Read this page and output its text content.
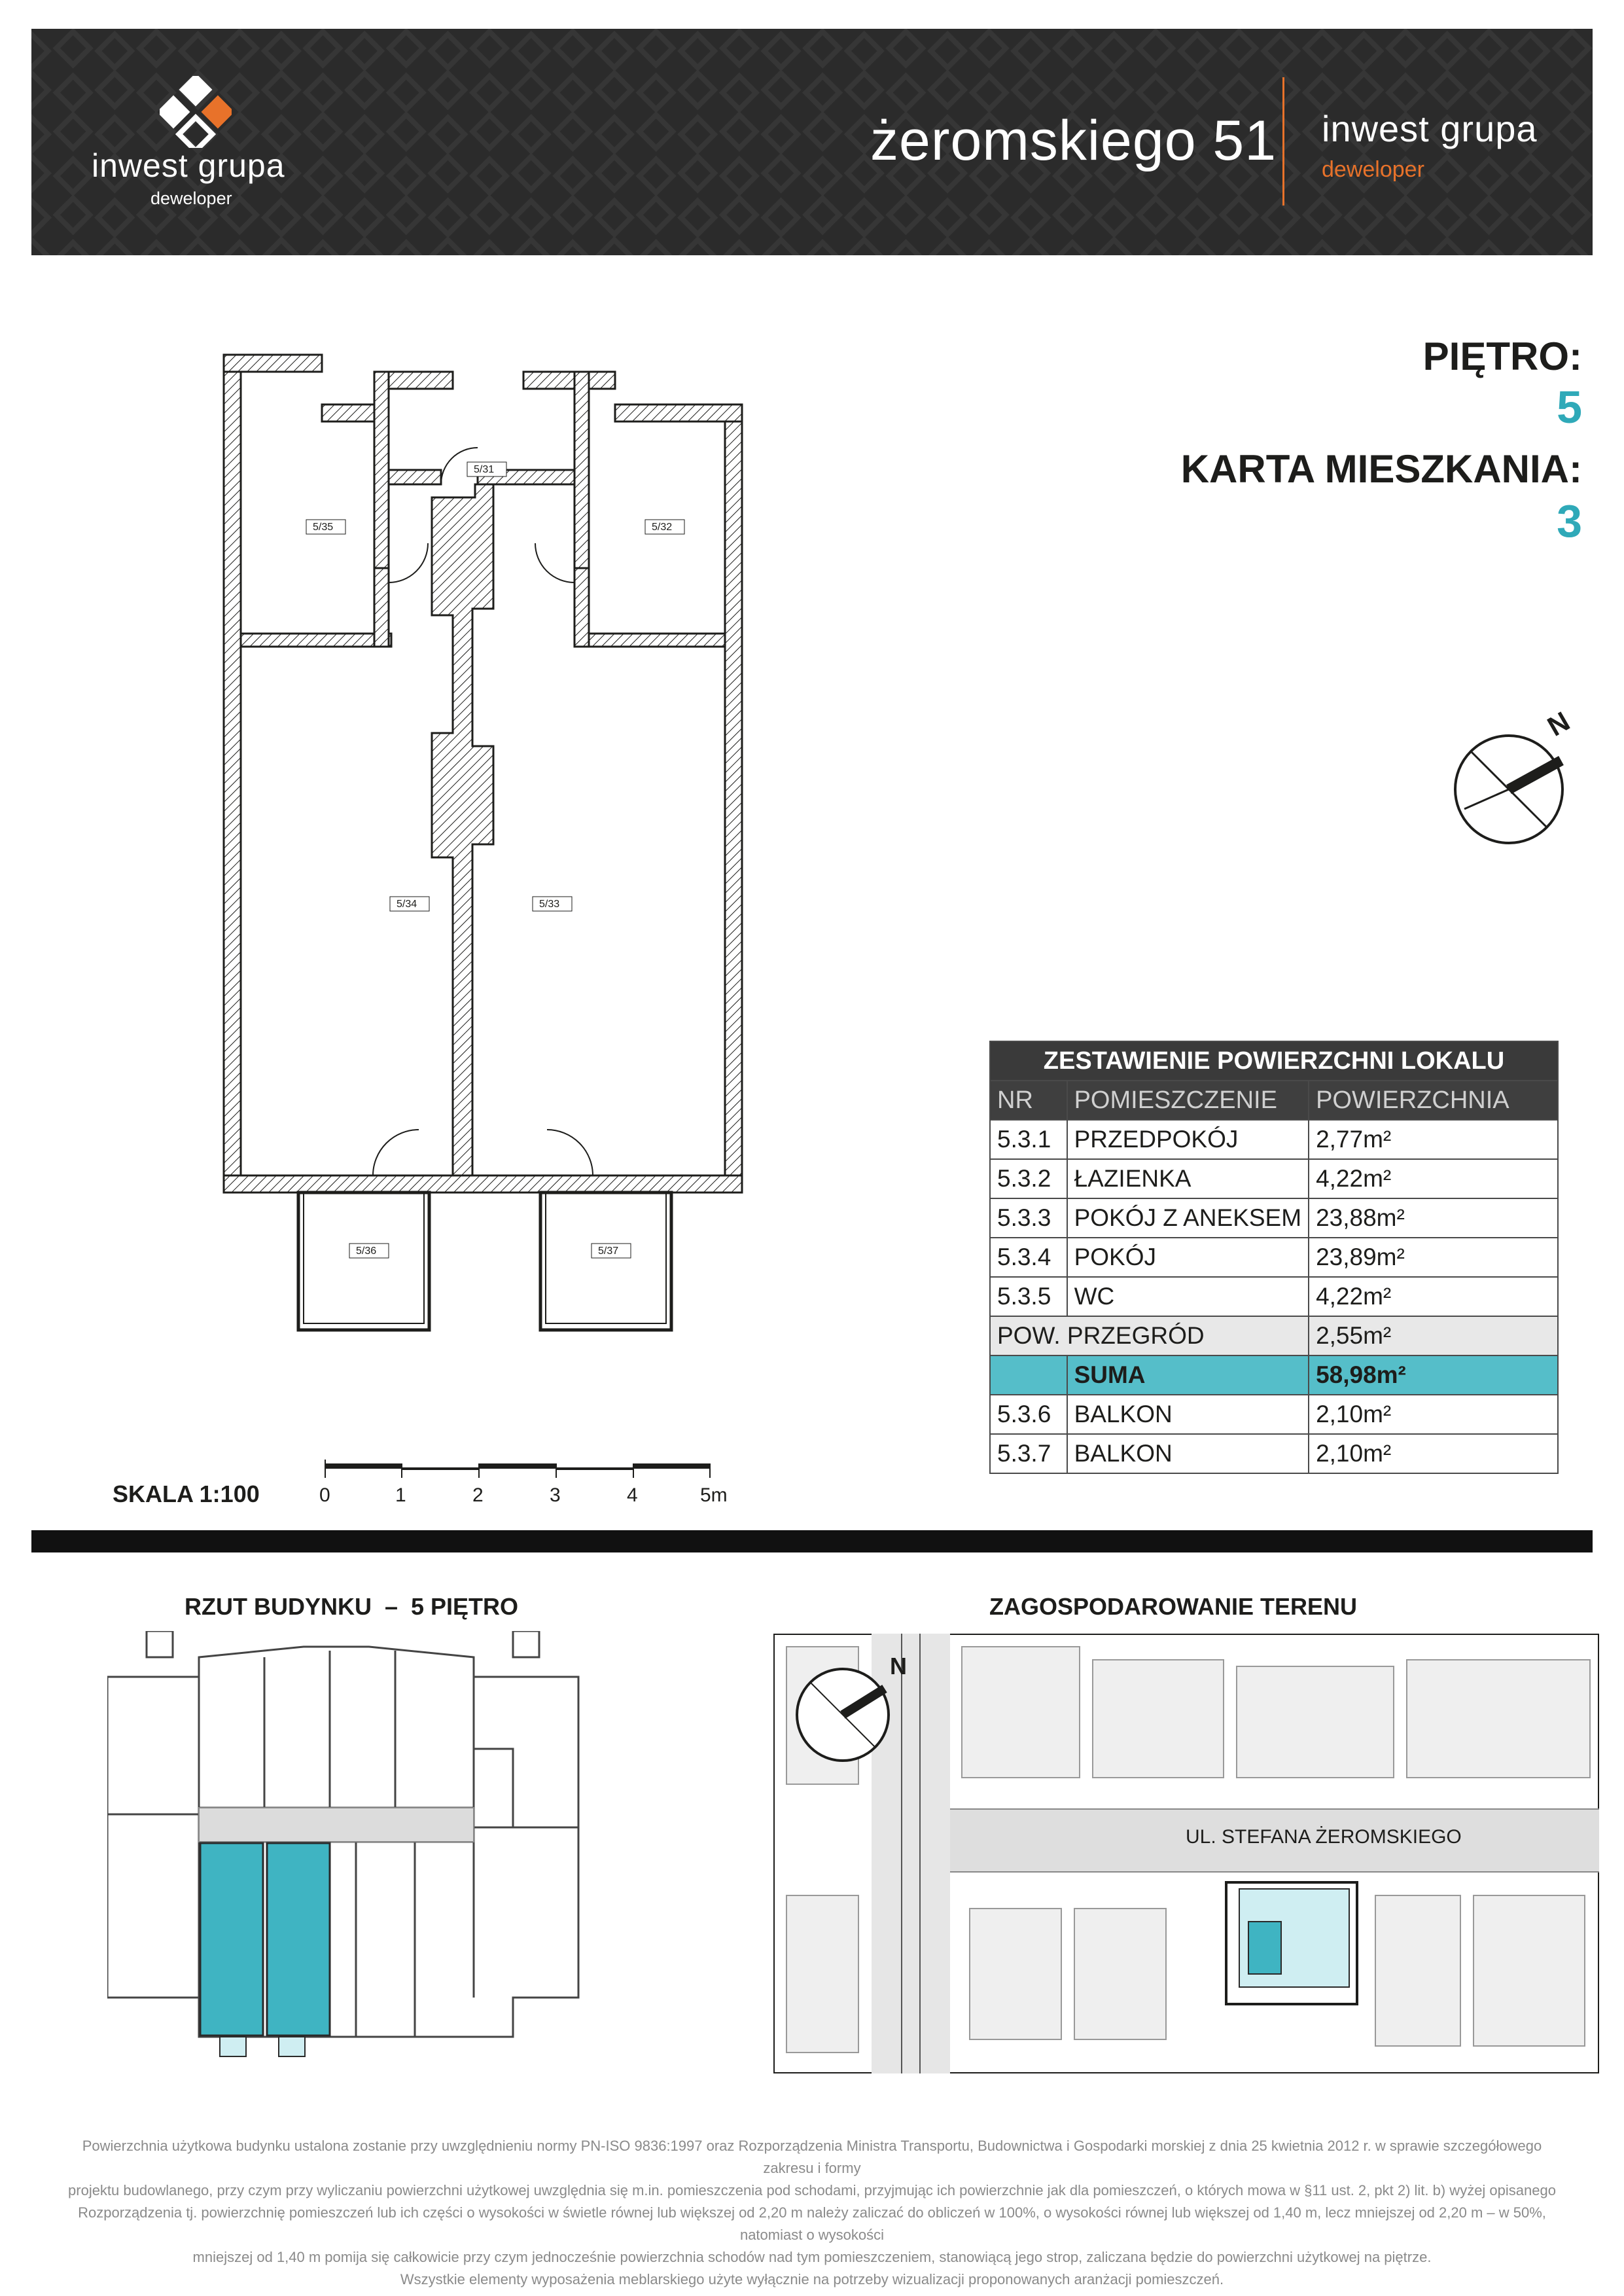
inwest grupa
deweloper
żeromskiego 51 inwest grupa
deweloper
PIĘTRO:
5
KARTA MIESZKANIA:
3
N
5/35
5/31
5/32
5/34	5/33
5/36	5/37
ZESTAWIENIE POWIERZCHNI LOKALU		
NR	POMIESZCZENIE	POWIERZCHNIA
5.3.1	PRZEDPOKÓJ	2,77m²
5.3.2	ŁAZIENKA	4,22m²
5.3.3	POKÓJ Z ANEKSEM	23,88m²
5.3.4	POKÓJ	23,89m²
5.3.5	WC	4,22m²
POW. PRZEGRÓD		2,55m²
	SUMA	58,98m²
5.3.6	BALKON	2,10m²
5.3.7	BALKON	2,10m²
SKALA 1:100	0	1	2	3	4	5m
RZUT BUDYNKU  –  5 PIĘTRO	ZAGOSPODAROWANIE TERENU
UL. STEFANA ŻEROMSKIEGO
N
Powierzchnia użytkowa budynku ustalona zostanie przy uwzględnieniu normy PN-ISO 9836:1997 oraz Rozporządzenia Ministra Transportu, Budownictwa i Gospodarki morskiej z dnia 25 kwietnia 2012 r. w sprawie szczegółowego zakresu i formy
projektu budowlanego, przy czym przy wyliczaniu powierzchni użytkowej uwzględnia się m.in. pomieszczenia pod schodami, przyjmując ich powierzchnie jak dla pomieszczeń, o których mowa w §11 ust. 2, pkt 2) lit. b) wyżej opisanego
Rozporządzenia tj. powierzchnię pomieszczeń lub ich części o wysokości w świetle równej lub większej od 2,20 m należy zaliczać do obliczeń w 100%, o wysokości równej lub większej od 1,40 m, lecz mniejszej od 2,20 m – w 50%, natomiast o wysokości
mniejszej od 1,40 m pomija się całkowicie przy czym jednocześnie powierzchnia schodów nad tym pomieszczeniem, stanowiącą jego strop, zaliczana będzie do powierzchni użytkowej na piętrze.
Wszystkie elementy wyposażenia meblarskiego użyte wyłącznie na potrzeby wizualizacji proponowanych aranżacji pomieszczeń.
